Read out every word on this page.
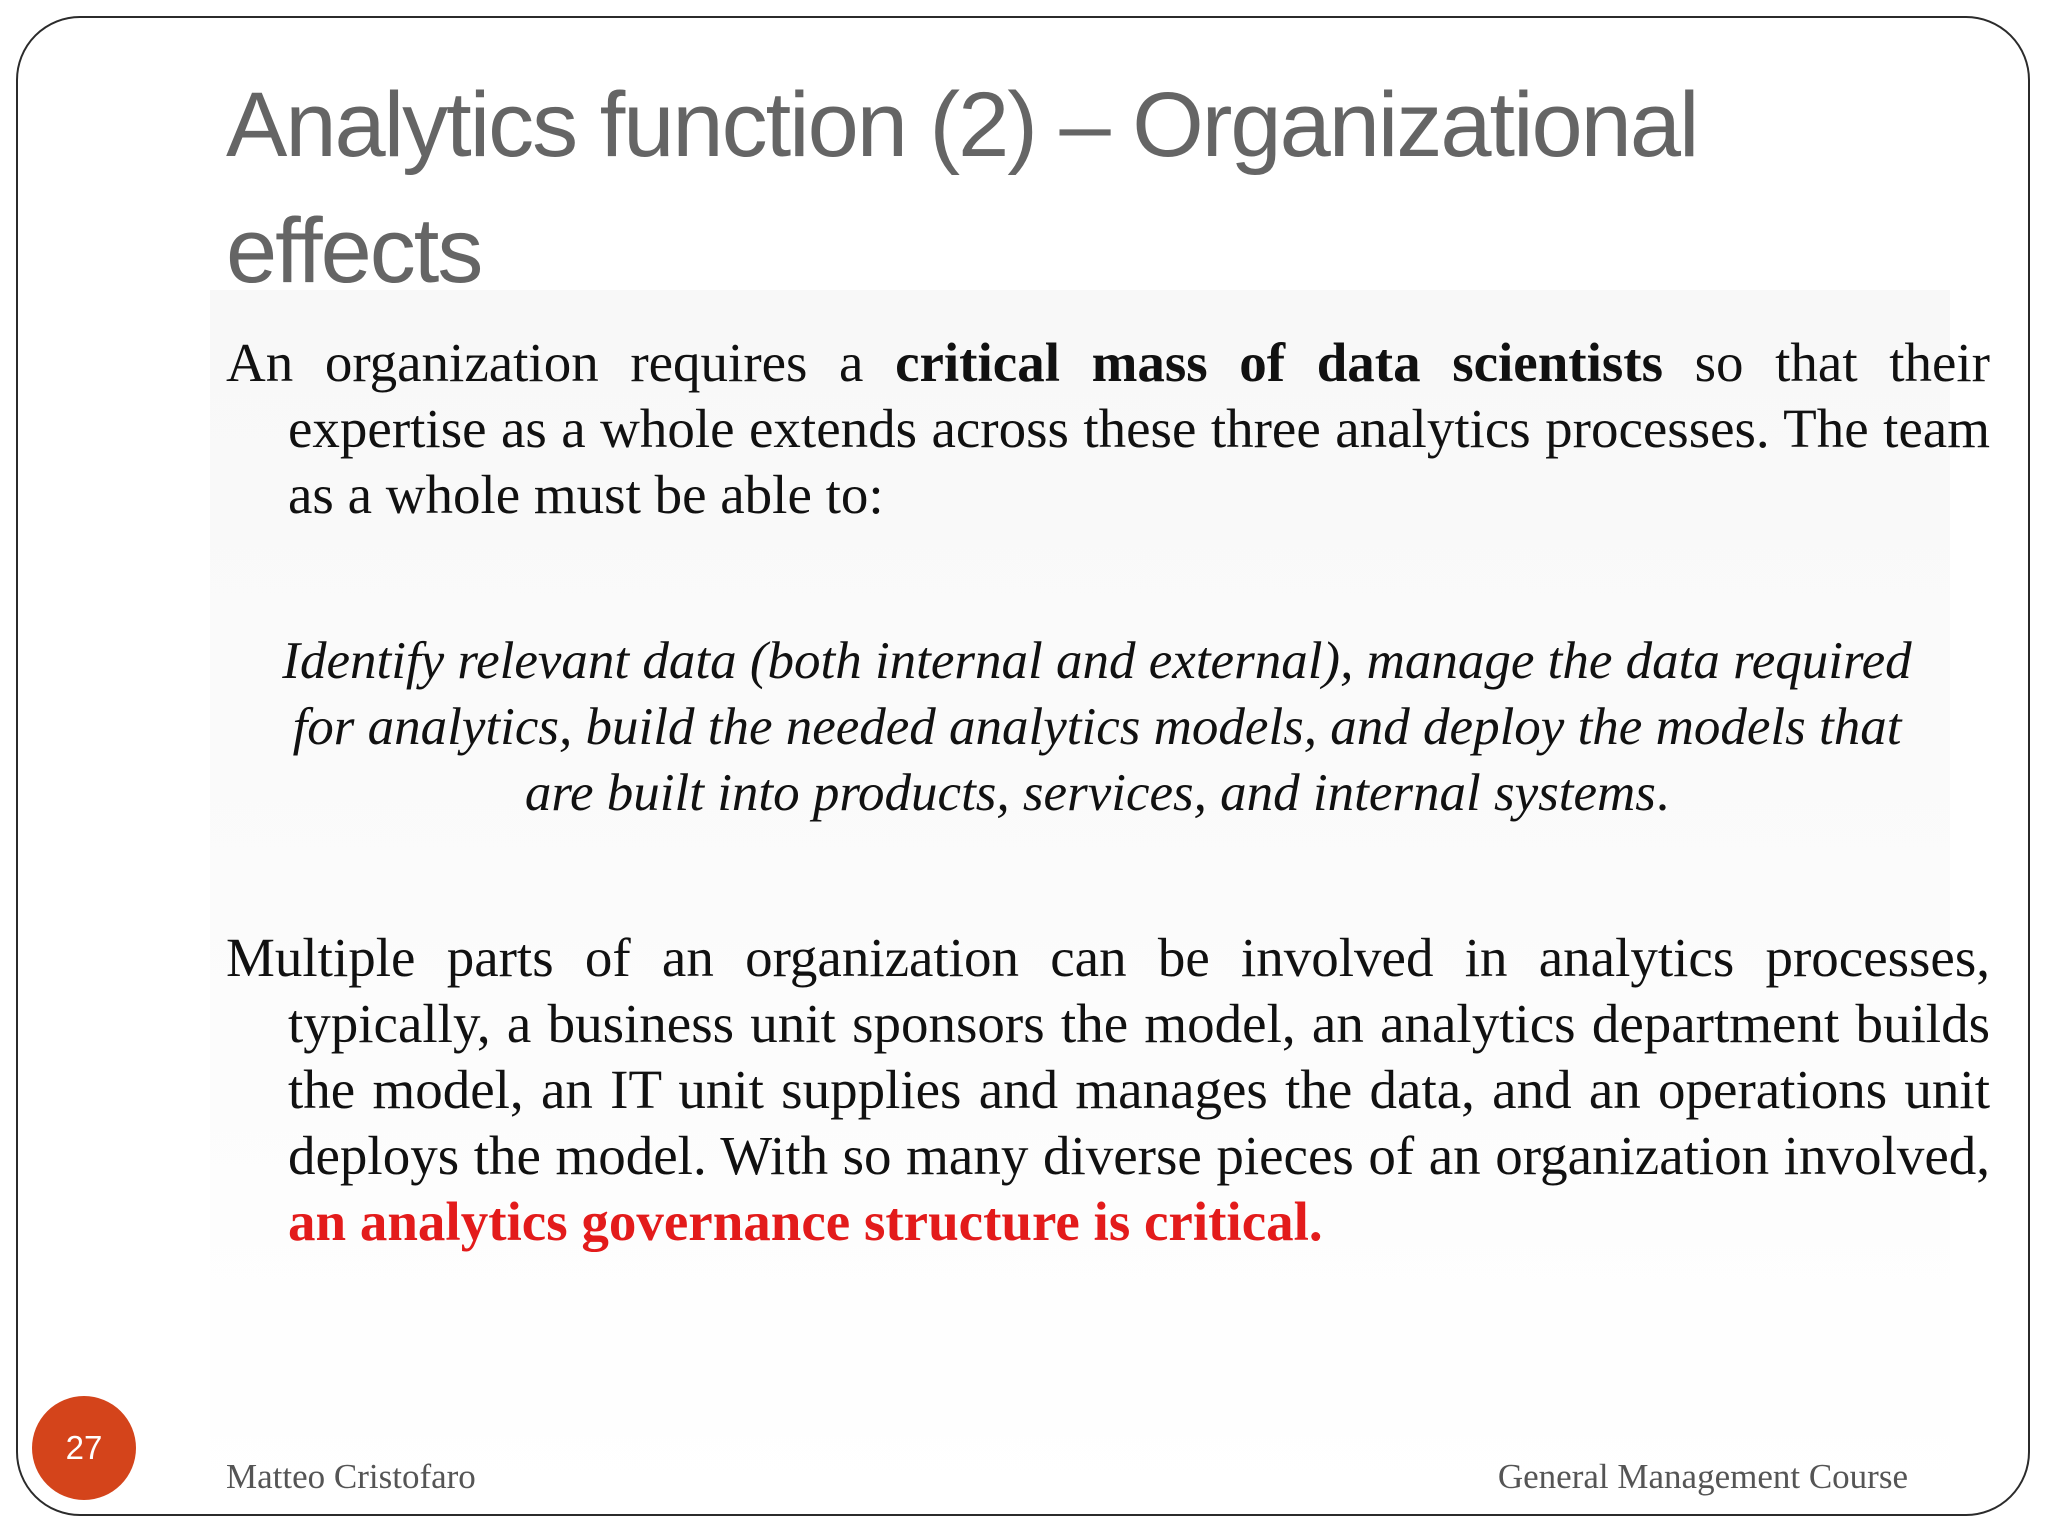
Analytics function (2) – Organizational effects

An organization requires a critical mass of data scientists so that their expertise as a whole extends across these three analytics processes. The team as a whole must be able to:

Identify relevant data (both internal and external), manage the data required for analytics, build the needed analytics models, and deploy the models that are built into products, services, and internal systems.

Multiple parts of an organization can be involved in analytics processes, typically, a business unit sponsors the model, an analytics department builds the model, an IT unit supplies and manages the data, and an operations unit deploys the model. With so many diverse pieces of an organization involved, an analytics governance structure is critical.

27
Matteo Cristofaro	General Management Course
